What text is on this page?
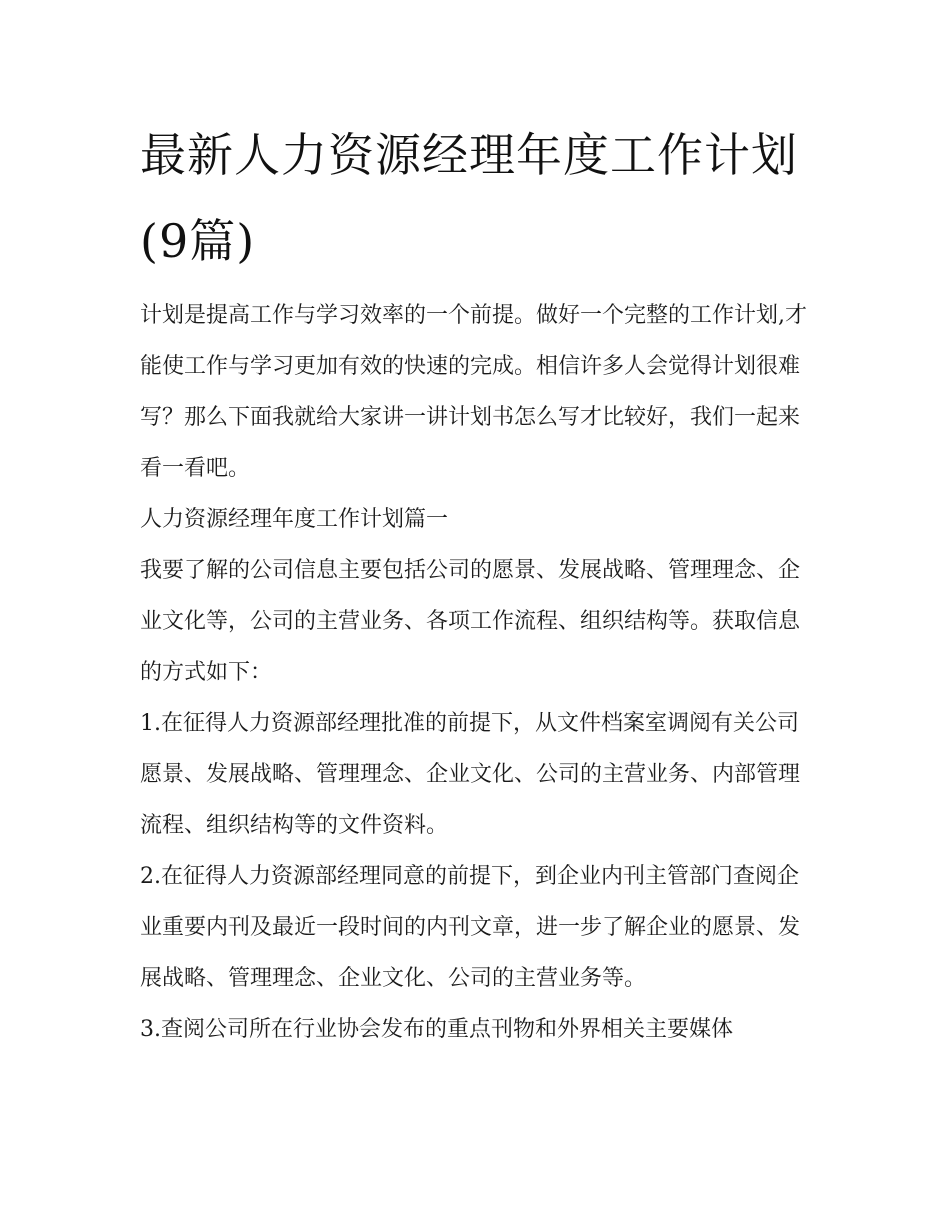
最新人力资源经理年度工作计划(9篇)

计划是提高工作与学习效率的一个前提。做好一个完整的工作计划,才能使工作与学习更加有效的快速的完成。相信许多人会觉得计划很难写？那么下面我就给大家讲一讲计划书怎么写才比较好，我们一起来看一看吧。

人力资源经理年度工作计划篇一

我要了解的公司信息主要包括公司的愿景、发展战略、管理理念、企业文化等，公司的主营业务、各项工作流程、组织结构等。获取信息的方式如下：

1.在征得人力资源部经理批准的前提下，从文件档案室调阅有关公司愿景、发展战略、管理理念、企业文化、公司的主营业务、内部管理流程、组织结构等的文件资料。

2.在征得人力资源部经理同意的前提下，到企业内刊主管部门查阅企业重要内刊及最近一段时间的内刊文章，进一步了解企业的愿景、发展战略、管理理念、企业文化、公司的主营业务等。

3.查阅公司所在行业协会发布的重点刊物和外界相关主要媒体
